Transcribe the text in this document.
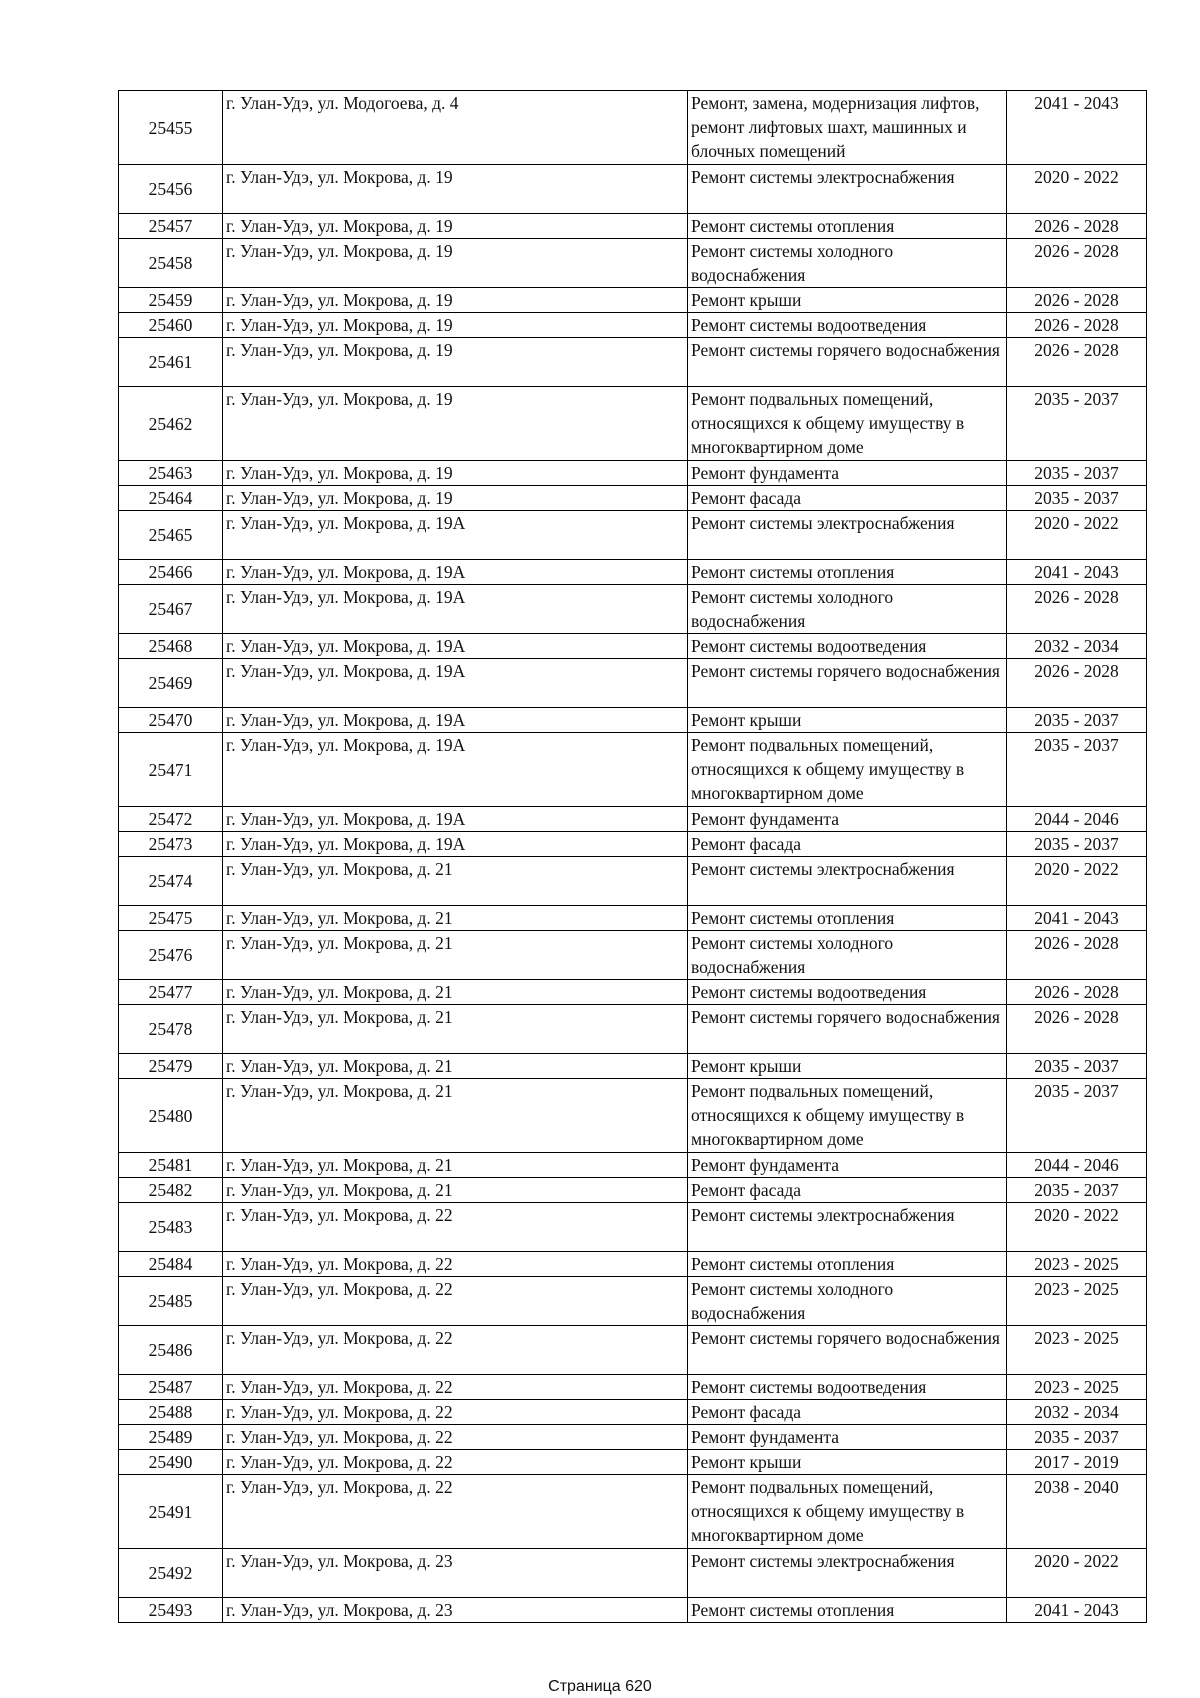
25455	г. Улан-Удэ, ул. Модогоева, д. 4	Ремонт, замена, модернизация лифтов, ремонт лифтовых шахт, машинных и блочных помещений	2041 - 2043
25456	г. Улан-Удэ, ул. Мокрова, д. 19	Ремонт системы электроснабжения	2020 - 2022
25457	г. Улан-Удэ, ул. Мокрова, д. 19	Ремонт системы отопления	2026 - 2028
25458	г. Улан-Удэ, ул. Мокрова, д. 19	Ремонт системы холодного водоснабжения	2026 - 2028
25459	г. Улан-Удэ, ул. Мокрова, д. 19	Ремонт крыши	2026 - 2028
25460	г. Улан-Удэ, ул. Мокрова, д. 19	Ремонт системы водоотведения	2026 - 2028
25461	г. Улан-Удэ, ул. Мокрова, д. 19	Ремонт системы горячего водоснабжения	2026 - 2028
25462	г. Улан-Удэ, ул. Мокрова, д. 19	Ремонт подвальных помещений, относящихся к общему имуществу в многоквартирном доме	2035 - 2037
25463	г. Улан-Удэ, ул. Мокрова, д. 19	Ремонт фундамента	2035 - 2037
25464	г. Улан-Удэ, ул. Мокрова, д. 19	Ремонт фасада	2035 - 2037
25465	г. Улан-Удэ, ул. Мокрова, д. 19А	Ремонт системы электроснабжения	2020 - 2022
25466	г. Улан-Удэ, ул. Мокрова, д. 19А	Ремонт системы отопления	2041 - 2043
25467	г. Улан-Удэ, ул. Мокрова, д. 19А	Ремонт системы холодного водоснабжения	2026 - 2028
25468	г. Улан-Удэ, ул. Мокрова, д. 19А	Ремонт системы водоотведения	2032 - 2034
25469	г. Улан-Удэ, ул. Мокрова, д. 19А	Ремонт системы горячего водоснабжения	2026 - 2028
25470	г. Улан-Удэ, ул. Мокрова, д. 19А	Ремонт крыши	2035 - 2037
25471	г. Улан-Удэ, ул. Мокрова, д. 19А	Ремонт подвальных помещений, относящихся к общему имуществу в многоквартирном доме	2035 - 2037
25472	г. Улан-Удэ, ул. Мокрова, д. 19А	Ремонт фундамента	2044 - 2046
25473	г. Улан-Удэ, ул. Мокрова, д. 19А	Ремонт фасада	2035 - 2037
25474	г. Улан-Удэ, ул. Мокрова, д. 21	Ремонт системы электроснабжения	2020 - 2022
25475	г. Улан-Удэ, ул. Мокрова, д. 21	Ремонт системы отопления	2041 - 2043
25476	г. Улан-Удэ, ул. Мокрова, д. 21	Ремонт системы холодного водоснабжения	2026 - 2028
25477	г. Улан-Удэ, ул. Мокрова, д. 21	Ремонт системы водоотведения	2026 - 2028
25478	г. Улан-Удэ, ул. Мокрова, д. 21	Ремонт системы горячего водоснабжения	2026 - 2028
25479	г. Улан-Удэ, ул. Мокрова, д. 21	Ремонт крыши	2035 - 2037
25480	г. Улан-Удэ, ул. Мокрова, д. 21	Ремонт подвальных помещений, относящихся к общему имуществу в многоквартирном доме	2035 - 2037
25481	г. Улан-Удэ, ул. Мокрова, д. 21	Ремонт фундамента	2044 - 2046
25482	г. Улан-Удэ, ул. Мокрова, д. 21	Ремонт фасада	2035 - 2037
25483	г. Улан-Удэ, ул. Мокрова, д. 22	Ремонт системы электроснабжения	2020 - 2022
25484	г. Улан-Удэ, ул. Мокрова, д. 22	Ремонт системы отопления	2023 - 2025
25485	г. Улан-Удэ, ул. Мокрова, д. 22	Ремонт системы холодного водоснабжения	2023 - 2025
25486	г. Улан-Удэ, ул. Мокрова, д. 22	Ремонт системы горячего водоснабжения	2023 - 2025
25487	г. Улан-Удэ, ул. Мокрова, д. 22	Ремонт системы водоотведения	2023 - 2025
25488	г. Улан-Удэ, ул. Мокрова, д. 22	Ремонт фасада	2032 - 2034
25489	г. Улан-Удэ, ул. Мокрова, д. 22	Ремонт фундамента	2035 - 2037
25490	г. Улан-Удэ, ул. Мокрова, д. 22	Ремонт крыши	2017 - 2019
25491	г. Улан-Удэ, ул. Мокрова, д. 22	Ремонт подвальных помещений, относящихся к общему имуществу в многоквартирном доме	2038 - 2040
25492	г. Улан-Удэ, ул. Мокрова, д. 23	Ремонт системы электроснабжения	2020 - 2022
25493	г. Улан-Удэ, ул. Мокрова, д. 23	Ремонт системы отопления	2041 - 2043
Страница 620
